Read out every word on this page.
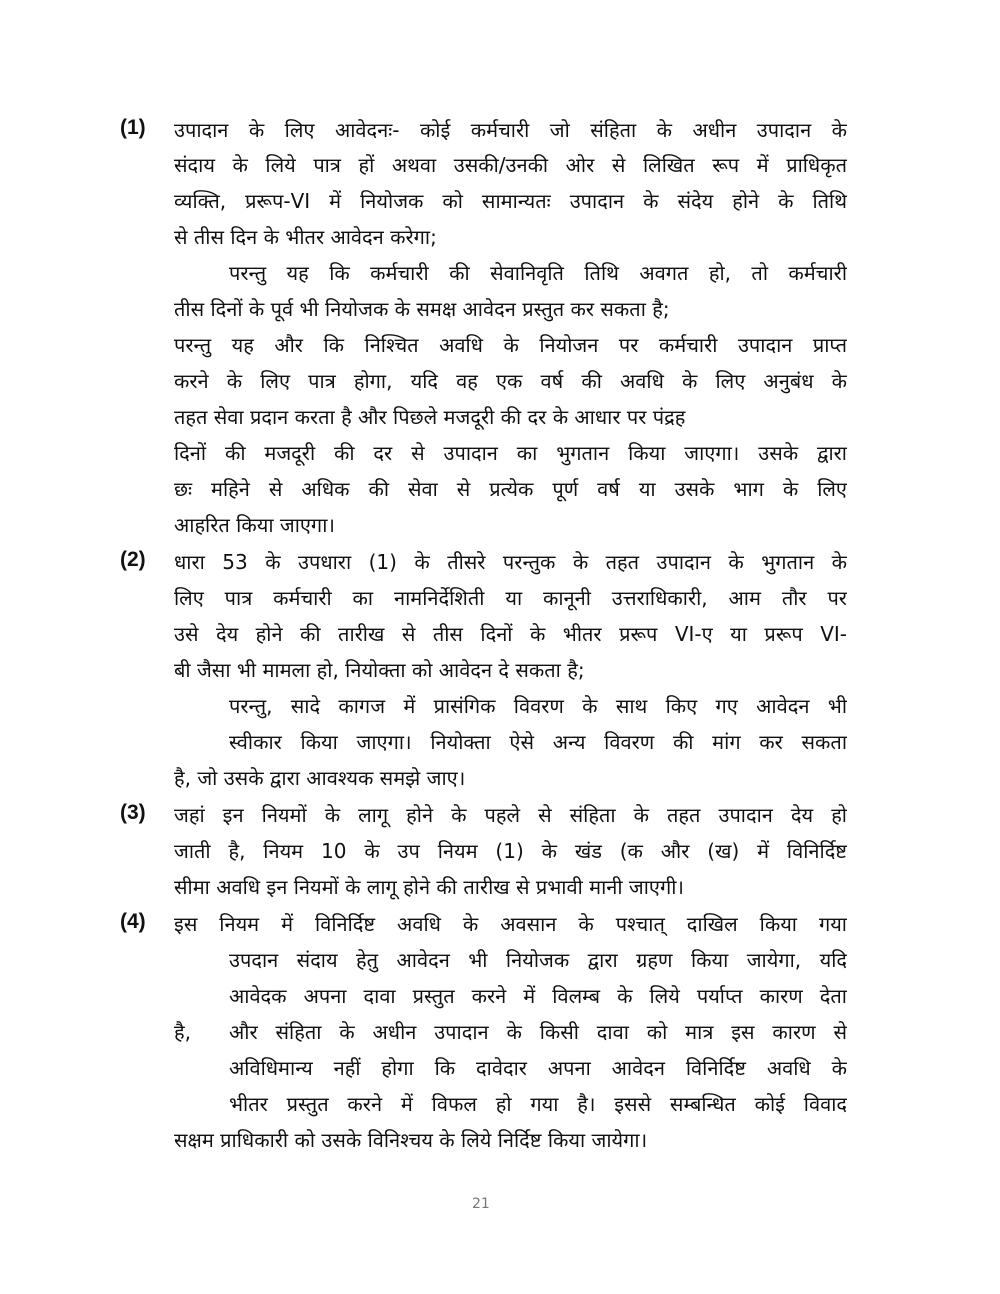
(1)	उपादान के लिए आवेदनः- कोई कर्मचारी जो संहिता के अधीन उपादान के
संदाय के लिये पात्र हों अथवा उसकी/उनकी ओर से लिखित रूप में प्राधिकृत
व्यक्ति, प्ररूप-VI में नियोजक को सामान्यतः उपादान के संदेय होने के तिथि
से तीस दिन के भीतर आवेदन करेगा;
परन्तु यह कि कर्मचारी की सेवानिवृति तिथि अवगत हो, तो कर्मचारी
तीस दिनों के पूर्व भी नियोजक के समक्ष आवेदन प्रस्तुत कर सकता है;
परन्तु यह और कि निश्चित अवधि के नियोजन पर कर्मचारी उपादान प्राप्त
करने के लिए पात्र होगा, यदि वह एक वर्ष की अवधि के लिए अनुबंध के
तहत सेवा प्रदान करता है और पिछले मजदूरी की दर के आधार पर पंद्रह
दिनों की मजदूरी की दर से उपादान का भुगतान किया जाएगा। उसके द्वारा
छः महिने से अधिक की सेवा से प्रत्येक पूर्ण वर्ष या उसके भाग के लिए
आहरित किया जाएगा।
(2)	धारा 53 के उपधारा (1) के तीसरे परन्तुक के तहत उपादान के भुगतान के
लिए पात्र कर्मचारी का नामनिर्देशिती या कानूनी उत्तराधिकारी, आम तौर पर
उसे देय होने की तारीख से तीस दिनों के भीतर प्ररूप VI-ए या प्ररूप VI-
बी जैसा भी मामला हो, नियोक्ता को आवेदन दे सकता है;
परन्तु, सादे कागज में प्रासंगिक विवरण के साथ किए गए आवेदन भी
स्वीकार किया जाएगा। नियोक्ता ऐसे अन्य विवरण की मांग कर सकता
है, जो उसके द्वारा आवश्यक समझे जाए।
(3)	जहां इन नियमों के लागू होने के पहले से संहिता के तहत उपादान देय हो
जाती है, नियम 10 के उप नियम (1) के खंड (क और (ख) में विनिर्दिष्ट
सीमा अवधि इन नियमों के लागू होने की तारीख से प्रभावी मानी जाएगी।
(4)	इस नियम में विनिर्दिष्ट अवधि के अवसान के पश्चात् दाखिल किया गया
उपदान संदाय हेतु आवेदन भी नियोजक द्वारा ग्रहण किया जायेगा, यदि
आवेदक अपना दावा प्रस्तुत करने में विलम्ब के लिये पर्याप्त कारण देता
है, और संहिता के अधीन उपादान के किसी दावा को मात्र इस कारण से
अविधिमान्य नहीं होगा कि दावेदार अपना आवेदन विनिर्दिष्ट अवधि के
भीतर प्रस्तुत करने में विफल हो गया है। इससे सम्बन्धित कोई विवाद
सक्षम प्राधिकारी को उसके विनिश्चय के लिये निर्दिष्ट किया जायेगा।
21
